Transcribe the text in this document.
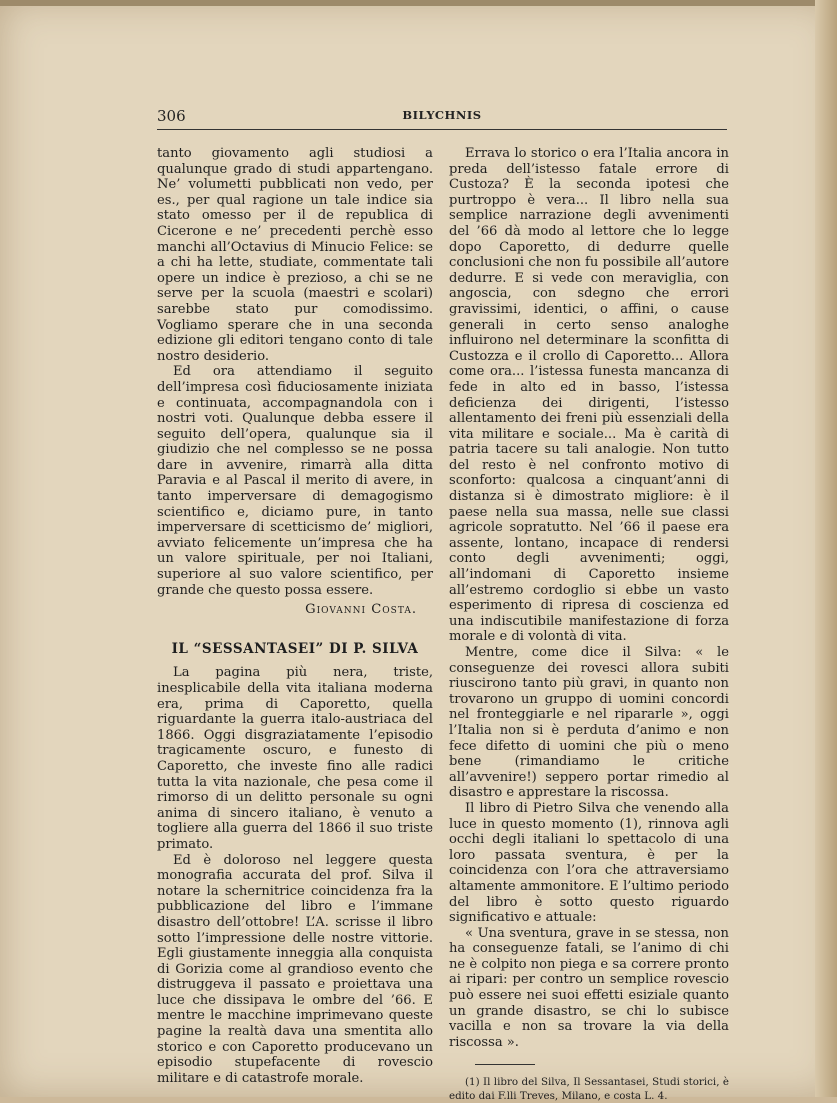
306	BILYCHNIS

tanto giovamento agli studiosi a qualunque grado di studi appartengano. Ne’ volumetti pubblicati non vedo, per es., per qual ragione un tale indice sia stato omesso per il de republica di Cicerone e ne’ precedenti perchè esso manchi all’Octavius di Minucio Felice: se a chi ha lette, studiate, commentate tali opere un indice è prezioso, a chi se ne serve per la scuola (maestri e scolari) sarebbe stato pur comodissimo. Vogliamo sperare che in una seconda edizione gli editori tengano conto di tale nostro desiderio.

Ed ora attendiamo il seguito dell’impresa così fiduciosamente iniziata e continuata, accompagnandola con i nostri voti. Qualunque debba essere il seguito dell’opera, qualunque sia il giudizio che nel complesso se ne possa dare in avvenire, rimarrà alla ditta Paravia e al Pascal il merito di avere, in tanto imperversare di demagogismo scientifico e, diciamo pure, in tanto imperversare di scetticismo de’ migliori, avviato felicemente un’impresa che ha un valore spirituale, per noi Italiani, superiore al suo valore scientifico, per grande che questo possa essere.

Giovanni Costa.

IL “SESSANTASEI” DI P. SILVA

La pagina più nera, triste, inesplicabile della vita italiana moderna era, prima di Caporetto, quella riguardante la guerra italo-austriaca del 1866. Oggi disgraziatamente l’episodio tragicamente oscuro, e funesto di Caporetto, che investe fino alle radici tutta la vita nazionale, che pesa come il rimorso di un delitto personale su ogni anima di sincero italiano, è venuto a togliere alla guerra del 1866 il suo triste primato.

Ed è doloroso nel leggere questa monografia accurata del prof. Silva il notare la schernitrice coincidenza fra la pubblicazione del libro e l’immane disastro dell’ottobre! L’A. scrisse il libro sotto l’impressione delle nostre vittorie. Egli giustamente inneggia alla conquista di Gorizia come al grandioso evento che distruggeva il passato e proiettava una luce che dissipava le ombre del ’66. E mentre le macchine imprimevano queste pagine la realtà dava una smentita allo storico e con Caporetto producevano un episodio stupefacente di rovescio militare e di catastrofe morale.

Errava lo storico o era l’Italia ancora in preda dell’istesso fatale errore di Custoza? È la seconda ipotesi che purtroppo è vera... Il libro nella sua semplice narrazione degli avvenimenti del ’66 dà modo al lettore che lo legge dopo Caporetto, di dedurre quelle conclusioni che non fu possibile all’autore dedurre. E si vede con meraviglia, con angoscia, con sdegno che errori gravissimi, identici, o affini, o cause generali in certo senso analoghe influirono nel determinare la sconfitta di Custozza e il crollo di Caporetto... Allora come ora... l’istessa funesta mancanza di fede in alto ed in basso, l’istessa deficienza dei dirigenti, l’istesso allentamento dei freni più essenziali della vita militare e sociale... Ma è carità di patria tacere su tali analogie. Non tutto del resto è nel confronto motivo di sconforto: qualcosa a cinquant’anni di distanza si è dimostrato migliore: è il paese nella sua massa, nelle sue classi agricole sopratutto. Nel ’66 il paese era assente, lontano, incapace di rendersi conto degli avvenimenti; oggi, all’indomani di Caporetto insieme all’estremo cordoglio si ebbe un vasto esperimento di ripresa di coscienza ed una indiscutibile manifestazione di forza morale e di volontà di vita.

Mentre, come dice il Silva: « le conseguenze dei rovesci allora subiti riuscirono tanto più gravi, in quanto non trovarono un gruppo di uomini concordi nel fronteggiarle e nel ripararle », oggi l’Italia non si è perduta d’animo e non fece difetto di uomini che più o meno bene (rimandiamo le critiche all’avvenire!) seppero portar rimedio al disastro e apprestare la riscossa.

Il libro di Pietro Silva che venendo alla luce in questo momento (1), rinnova agli occhi degli italiani lo spettacolo di una loro passata sventura, è per la coincidenza con l’ora che attraversiamo altamente ammonitore. E l’ultimo periodo del libro è sotto questo riguardo significativo e attuale:

« Una sventura, grave in se stessa, non ha conseguenze fatali, se l’animo di chi ne è colpito non piega e sa correre pronto ai ripari: per contro un semplice rovescio può essere nei suoi effetti esiziale quanto un grande disastro, se chi lo subisce vacilla e non sa trovare la via della riscossa ».

(1) Il libro del Silva, Il Sessantasei, Studi storici, è edito dai F.lli Treves, Milano, e costa L. 4.
